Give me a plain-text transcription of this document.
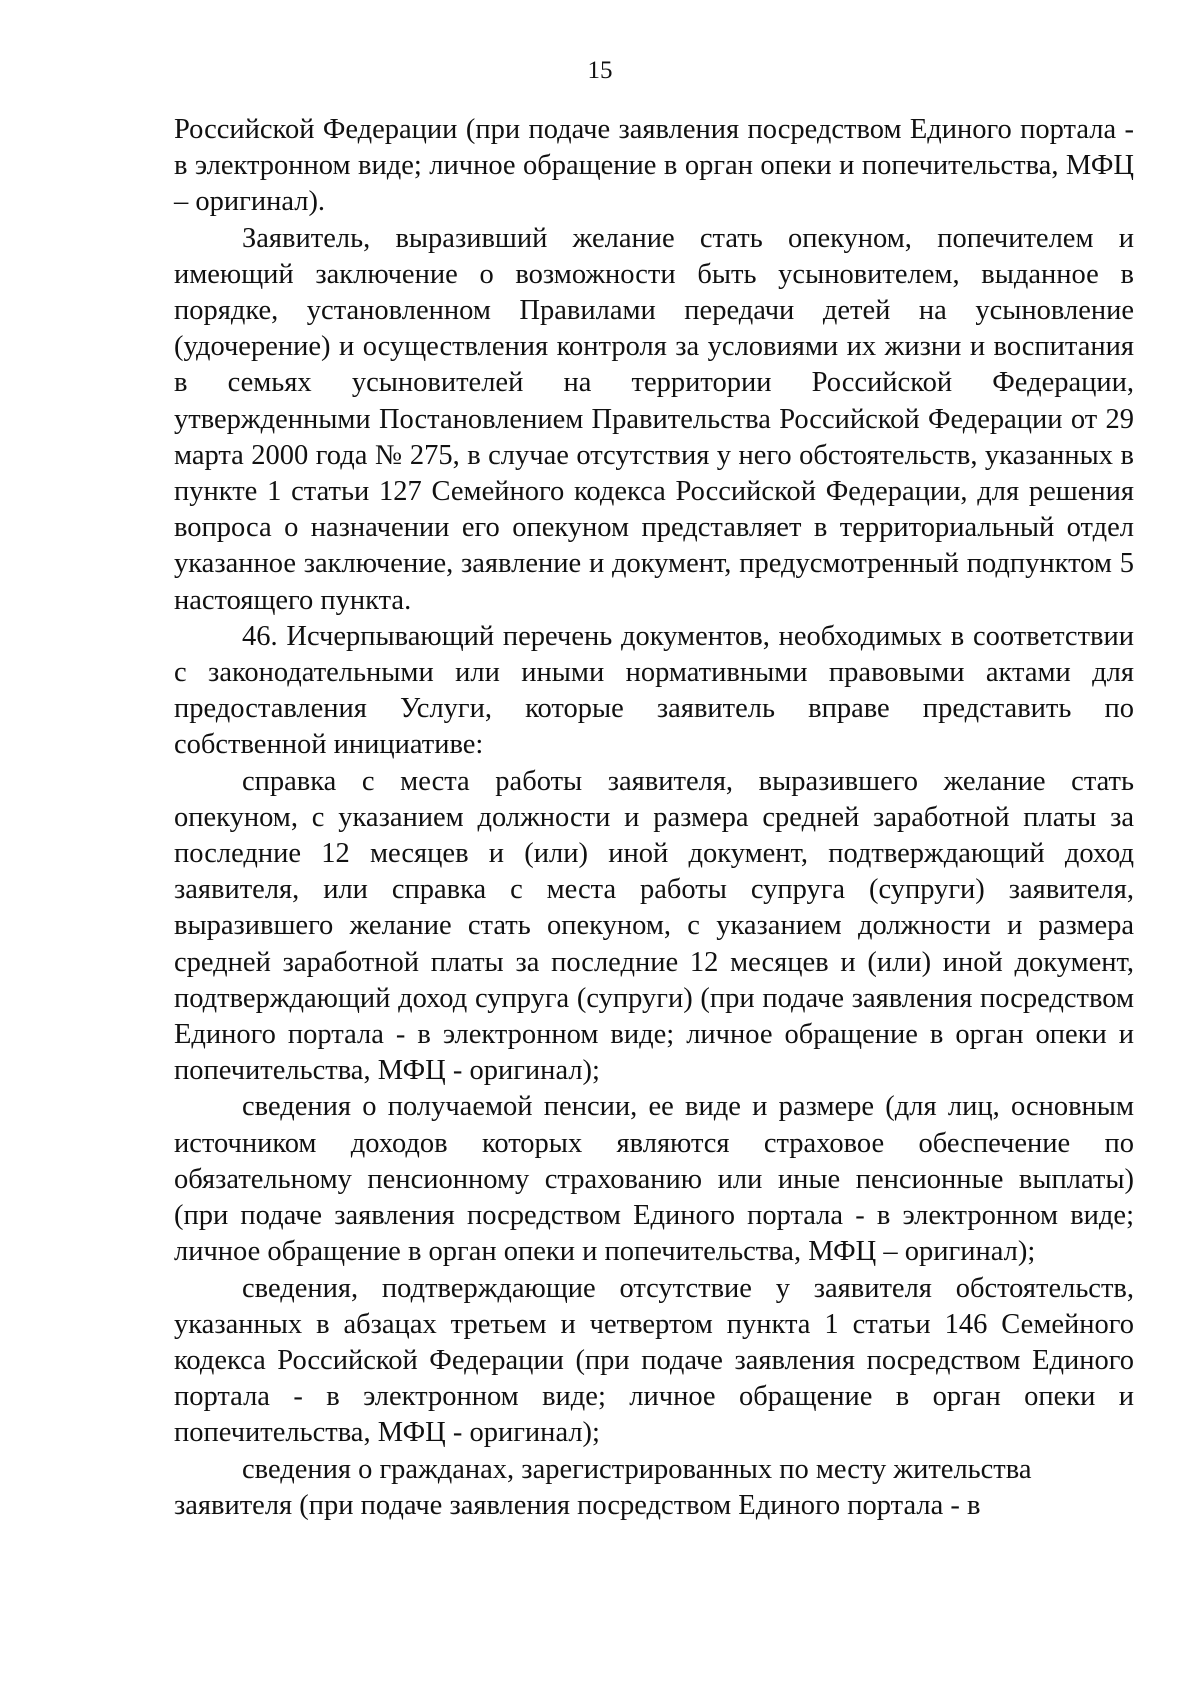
15

Российской Федерации (при подаче заявления посредством Единого портала - в электронном виде; личное обращение в орган опеки и попечительства, МФЦ – оригинал).

Заявитель, выразивший желание стать опекуном, попечителем и имеющий заключение о возможности быть усыновителем, выданное в порядке, установленном Правилами передачи детей на усыновление (удочерение) и осуществления контроля за условиями их жизни и воспитания в семьях усыновителей на территории Российской Федерации, утвержденными Постановлением Правительства Российской Федерации от 29 марта 2000 года № 275, в случае отсутствия у него обстоятельств, указанных в пункте 1 статьи 127 Семейного кодекса Российской Федерации, для решения вопроса о назначении его опекуном представляет в территориальный отдел указанное заключение, заявление и документ, предусмотренный подпунктом 5 настоящего пункта.

46. Исчерпывающий перечень документов, необходимых в соответствии с законодательными или иными нормативными правовыми актами для предоставления Услуги, которые заявитель вправе представить по собственной инициативе:

справка с места работы заявителя, выразившего желание стать опекуном, с указанием должности и размера средней заработной платы за последние 12 месяцев и (или) иной документ, подтверждающий доход заявителя, или справка с места работы супруга (супруги) заявителя, выразившего желание стать опекуном, с указанием должности и размера средней заработной платы за последние 12 месяцев и (или) иной документ, подтверждающий доход супруга (супруги) (при подаче заявления посредством Единого портала - в электронном виде; личное обращение в орган опеки и попечительства, МФЦ - оригинал);

сведения о получаемой пенсии, ее виде и размере (для лиц, основным источником доходов которых являются страховое обеспечение по обязательному пенсионному страхованию или иные пенсионные выплаты) (при подаче заявления посредством Единого портала - в электронном виде; личное обращение в орган опеки и попечительства, МФЦ – оригинал);

сведения, подтверждающие отсутствие у заявителя обстоятельств, указанных в абзацах третьем и четвертом пункта 1 статьи 146 Семейного кодекса Российской Федерации (при подаче заявления посредством Единого портала - в электронном виде; личное обращение в орган опеки и попечительства, МФЦ - оригинал);

сведения о гражданах, зарегистрированных по месту жительства заявителя (при подаче заявления посредством Единого портала - в
